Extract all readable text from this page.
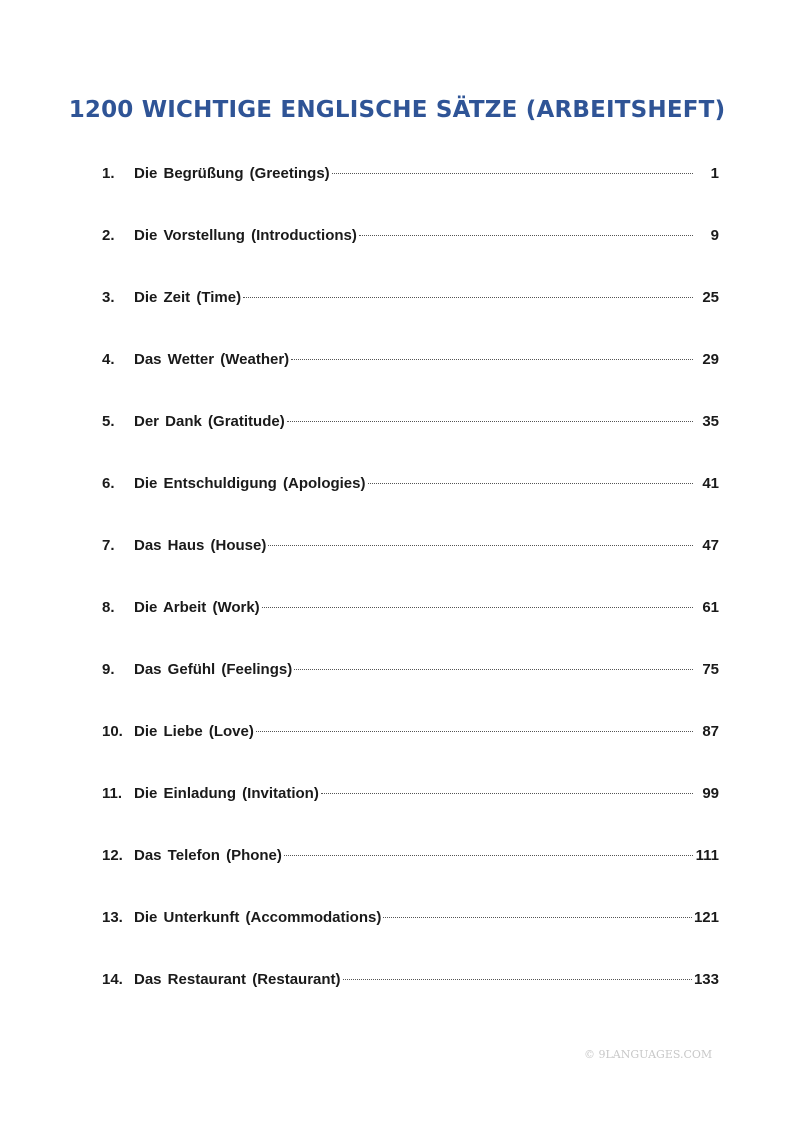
1200 WICHTIGE ENGLISCHE SÄTZE (ARBEITSHEFT)
1.	Die Begrüßung (Greetings)	1
2.	Die Vorstellung (Introductions)	9
3.	Die Zeit (Time)	25
4.	Das Wetter (Weather)	29
5.	Der Dank (Gratitude)	35
6.	Die Entschuldigung (Apologies)	41
7.	Das Haus (House)	47
8.	Die Arbeit (Work)	61
9.	Das Gefühl (Feelings)	75
10. Die Liebe (Love)	87
11. Die Einladung (Invitation)	99
12. Das Telefon (Phone)	111
13. Die Unterkunft (Accommodations)	121
14. Das Restaurant (Restaurant)	133
© 9LANGUAGES.COM
